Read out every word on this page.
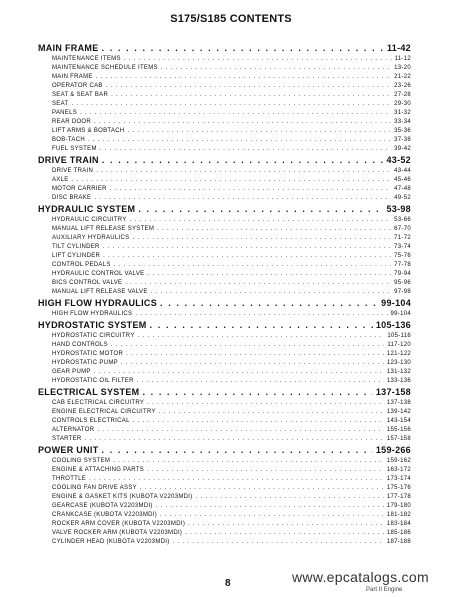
S175/S185 CONTENTS
MAIN FRAME . . .	11-42
MAINTENANCE ITEMS . . .	11-12
MAINTENANCE SCHEDULE ITEMS . . .	13-20
MAIN FRAME . . .	21-22
OPERATOR CAB . . .	23-26
SEAT & SEAT BAR . . .	27-28
SEAT . . .	29-30
PANELS . . .	31-32
REAR DOOR . . .	33-34
LIFT ARMS & BOBTACH . . .	35-36
BOB-TACH . . .	37-38
FUEL SYSTEM . . .	39-42
DRIVE TRAIN . . .	43-52
DRIVE TRAIN . . .	43-44
AXLE . . .	45-46
MOTOR CARRIER . . .	47-48
DISC BRAKE . . .	49-52
HYDRAULIC SYSTEM . . .	53-98
HYDRAULIC CIRCUITRY . . .	53-66
MANUAL LIFT RELEASE SYSTEM . . .	67-70
AUXILIARY HYDRAULICS . . .	71-72
TILT CYLINDER . . .	73-74
LIFT CYLINDER . . .	75-76
CONTROL PEDALS . . .	77-78
HYDRAULIC CONTROL VALVE . . .	79-94
BICS CONTROL VALVE . . .	95-96
MANUAL LIFT RELEASE VALVE . . .	97-98
HIGH FLOW HYDRAULICS . . .	99-104
HIGH FLOW HYDRAULICS . . .	99-104
HYDROSTATIC SYSTEM . . .	105-136
HYDROSTATIC CIRCUITRY . . .	105-116
HAND CONTROLS . . .	117-120
HYDROSTATIC MOTOR . . .	121-122
HYDROSTATIC PUMP . . .	123-130
GEAR PUMP . . .	131-132
HYDROSTATIC OIL FILTER . . .	133-136
ELECTRICAL SYSTEM . . .	137-158
CAB ELECTRICAL CIRCUITRY . . .	137-138
ENGINE ELECTRICAL CIRCUITRY . . .	139-142
CONTROLS ELECTRICAL . . .	143-154
ALTERNATOR . . .	155-156
STARTER . . .	157-158
POWER UNIT . . .	159-266
COOLING SYSTEM . . .	159-162
ENGINE & ATTACHING PARTS . . .	163-172
THROTTLE . . .	173-174
COOLING FAN DRIVE ASSY . . .	175-176
ENGINE & GASKET KITS (KUBOTA V2203MDI) . . .	177-178
GEARCASE (KUBOTA V2203MDI) . . .	179-180
CRANKCASE (KUBOTA V2203MDI) . . .	181-182
ROCKER ARM COVER (KUBOTA V2203MDI) . . .	183-184
VALVE ROCKER ARM (KUBOTA V2203MDI) . . .	185-186
CYLINDER HEAD (KUBOTA V2203MDI) . . .	187-188
8	www.epcatalogs.com
Part II Engine
